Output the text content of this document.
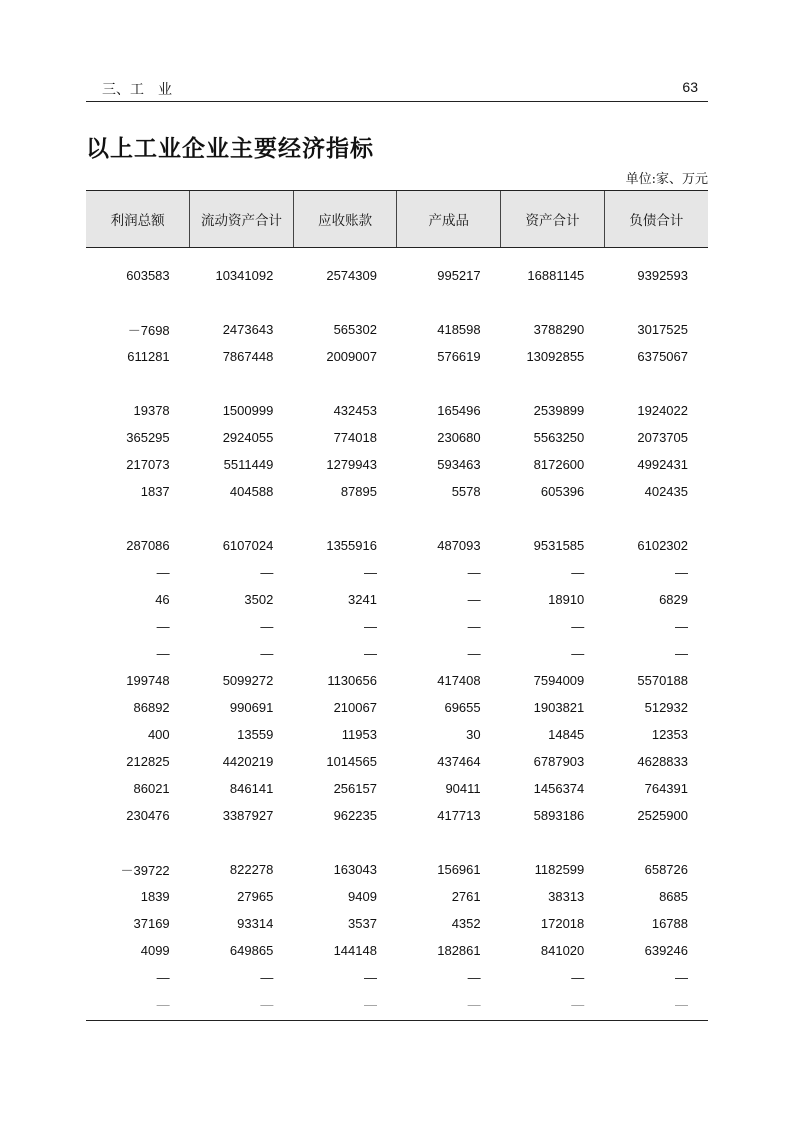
三、工　业	63
以上工业企业主要经济指标
单位:家、万元
利润总额	流动资产合计	应收账款	产成品	资产合计	负债合计
603583	10341092	2574309	995217	16881145	9392593

－7698	2473643	565302	418598	3788290	3017525
611281	7867448	2009007	576619	13092855	6375067

19378	1500999	432453	165496	2539899	1924022
365295	2924055	774018	230680	5563250	2073705
217073	5511449	1279943	593463	8172600	4992431
1837	404588	87895	5578	605396	402435

287086	6107024	1355916	487093	9531585	6102302
—	—	—	—	—	—
46	3502	3241	—	18910	6829
—	—	—	—	—	—
—	—	—	—	—	—
199748	5099272	1130656	417408	7594009	5570188
86892	990691	210067	69655	1903821	512932
400	13559	11953	30	14845	12353
212825	4420219	1014565	437464	6787903	4628833
86021	846141	256157	90411	1456374	764391
230476	3387927	962235	417713	5893186	2525900

－39722	822278	163043	156961	1182599	658726
1839	27965	9409	2761	38313	8685
37169	93314	3537	4352	172018	16788
4099	649865	144148	182861	841020	639246
—	—	—	—	—	—
—	—	—	—	—	—
